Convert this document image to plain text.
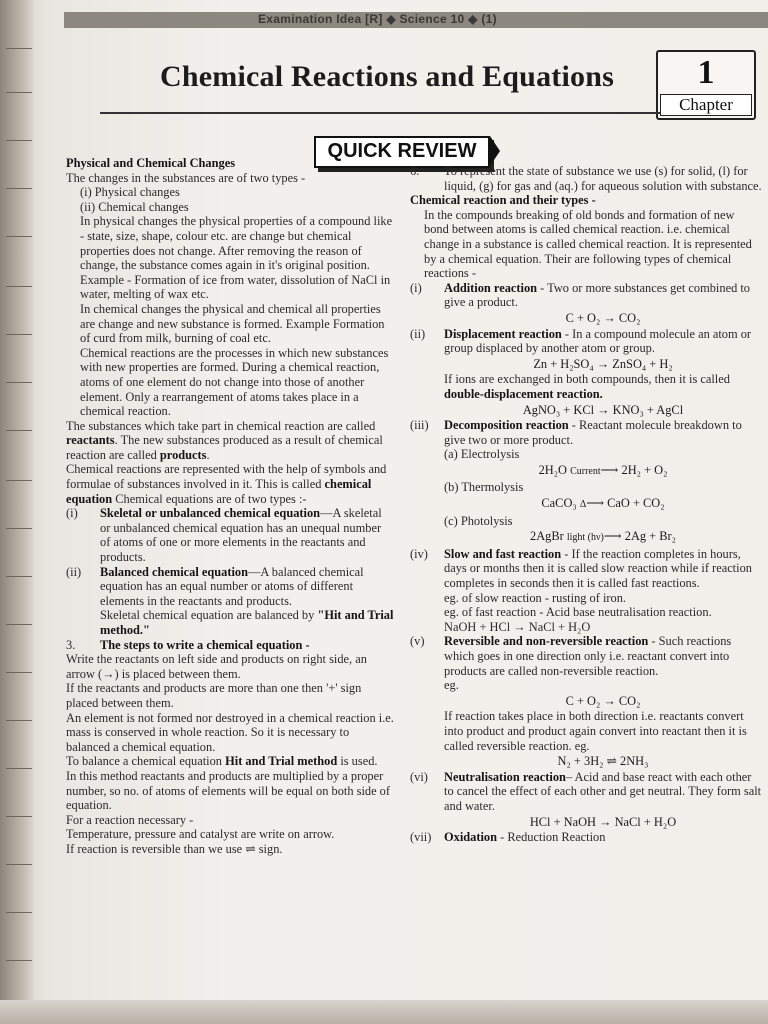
Examination Idea [R] ◆ Science 10 ◆ (1)
Chemical Reactions and Equations	1
Chapter
QUICK REVIEW

Physical and Chemical Changes

The changes in the substances are of two types -

(i) Physical changes

(ii) Chemical changes

In physical changes the physical properties of a compound like - state, size, shape, colour etc. are change but chemical properties does not change. After removing the reason of change, the substance comes again in it's original position. Example - Formation of ice from water, dissolution of NaCl in water, melting of wax etc.

In chemical changes the physical and chemical all properties are change and new substance is formed. Example Formation of curd from milk, burning of coal etc.

Chemical reactions are the processes in which new substances with new properties are formed. During a chemical reaction, atoms of one element do not change into those of another element. Only a rearrangement of atoms takes place in a chemical reaction.

The substances which take part in chemical reaction are called reactants. The new substances produced as a result of chemical reaction are called products.

Chemical reactions are represented with the help of symbols and formulae of substances involved in it. This is called chemical equation Chemical equations are of two types :-

(i)	Skeletal or unbalanced chemical equation—A skeletal or unbalanced chemical equation has an unequal number of atoms of one or more elements in the reactants and products.
(ii)	Balanced chemical equation—A balanced chemical equation has an equal number or atoms of different elements in the reactants and products.
Skeletal chemical equation are balanced by "Hit and Trial method."
3.	The steps to write a chemical equation -

Write the reactants on left side and products on right side, an arrow (→) is placed between them.

If the reactants and products are more than one then '+' sign placed between them.

An element is not formed nor destroyed in a chemical reaction i.e. mass is conserved in whole reaction. So it is necessary to balanced a chemical equation.

To balance a chemical equation Hit and Trial method is used.

In this method reactants and products are multiplied by a proper number, so no. of atoms of elements will be equal on both side of equation.

For a reaction necessary -

Temperature, pressure and catalyst are write on arrow.

If reaction is reversible than we use ⇌ sign.

6.	To represent the state of substance we use (s) for solid, (l) for liquid, (g) for gas and (aq.) for aqueous solution with substance.

Chemical reaction and their types -

In the compounds breaking of old bonds and formation of new bond between atoms is called chemical reaction. i.e. chemical change in a substance is called chemical reaction. It is represented by a chemical equation. Their are following types of chemical reactions -

(i)	Addition reaction - Two or more substances get combined to give a product.
C + O₂ → CO₂
(ii)	Displacement reaction - In a compound molecule an atom or group displaced by another atom or group.
Zn + H₂SO₄ → ZnSO₄ + H₂
If ions are exchanged in both compounds, then it is called
double-displacement reaction.
AgNO₃ + KCl → KNO₃ + AgCl
(iii)	Decomposition reaction - Reactant molecule breakdown to give two or more product.
(a) Electrolysis
2H₂O Current⟶ 2H₂ + O₂
(b) Thermolysis
CaCO₃ Δ⟶ CaO + CO₂
(c) Photolysis
2AgBr light (hν)⟶ 2Ag + Br₂
(iv)	Slow and fast reaction - If the reaction completes in hours, days or months then it is called slow reaction while if reaction completes in seconds then it is called fast reactions.
eg. of slow reaction - rusting of iron.
eg. of fast reaction - Acid base neutralisation reaction.
NaOH + HCl → NaCl + H₂O
(v)	Reversible and non-reversible reaction - Such reactions which goes in one direction only i.e. reactant convert into products are called non-reversible reaction.
eg.
C + O₂ → CO₂
If reaction takes place in both direction i.e. reactants convert into product and product again convert into reactant then it is called reversible reaction. eg.
N₂ + 3H₂ ⇌ 2NH₃
(vi)	Neutralisation reaction– Acid and base react with each other to cancel the effect of each other and get neutral. They form salt and water.
HCl + NaOH → NaCl + H₂O
(vii)	Oxidation - Reduction Reaction
